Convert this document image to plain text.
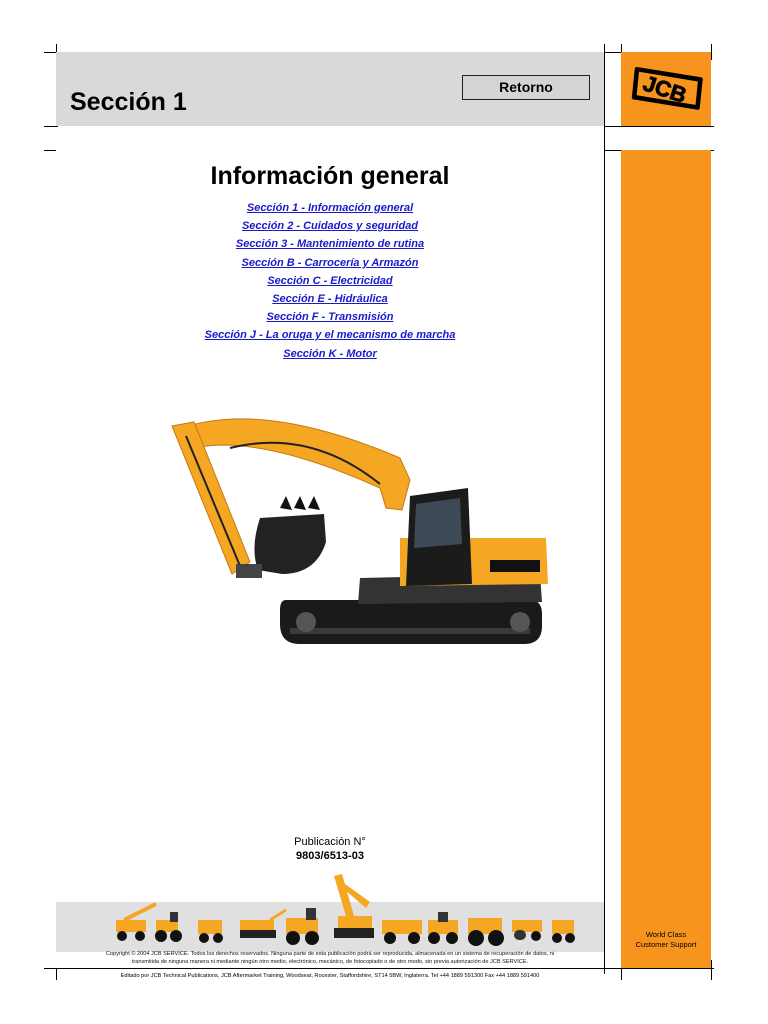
Sección 1
Retorno	JCB
Información general
Sección 1 - Información general
Sección 2 - Cuidados y seguridad
Sección 3 - Mantenimiento de rutina
Sección B - Carrocería y Armazón
Sección C - Electricidad
Sección E - Hidráulica
Sección F - Transmisión
Sección J - La oruga y el mecanismo de marcha
Sección K - Motor
Publicación N°
9803/6513-03
Copyright © 2004 JCB SERVICE. Todos los derechos reservados. Ninguna parte de esta publicación podrá ser reproducida, almacenada en un sistema de recuperación de datos, ni
transmitida de ninguna manera ni mediante ningún otro medio, electrónico, mecánico, de fotocopiado o de otro modo, sin previa autorización de JCB SERVICE.
World Class
Customer Support
Editado por JCB Technical Publications, JCB Aftermarket Training, Woodseat, Rocester, Staffordshire, ST14 5BW, Inglaterra. Tel +44 1889 591300 Fax +44 1889 591400
